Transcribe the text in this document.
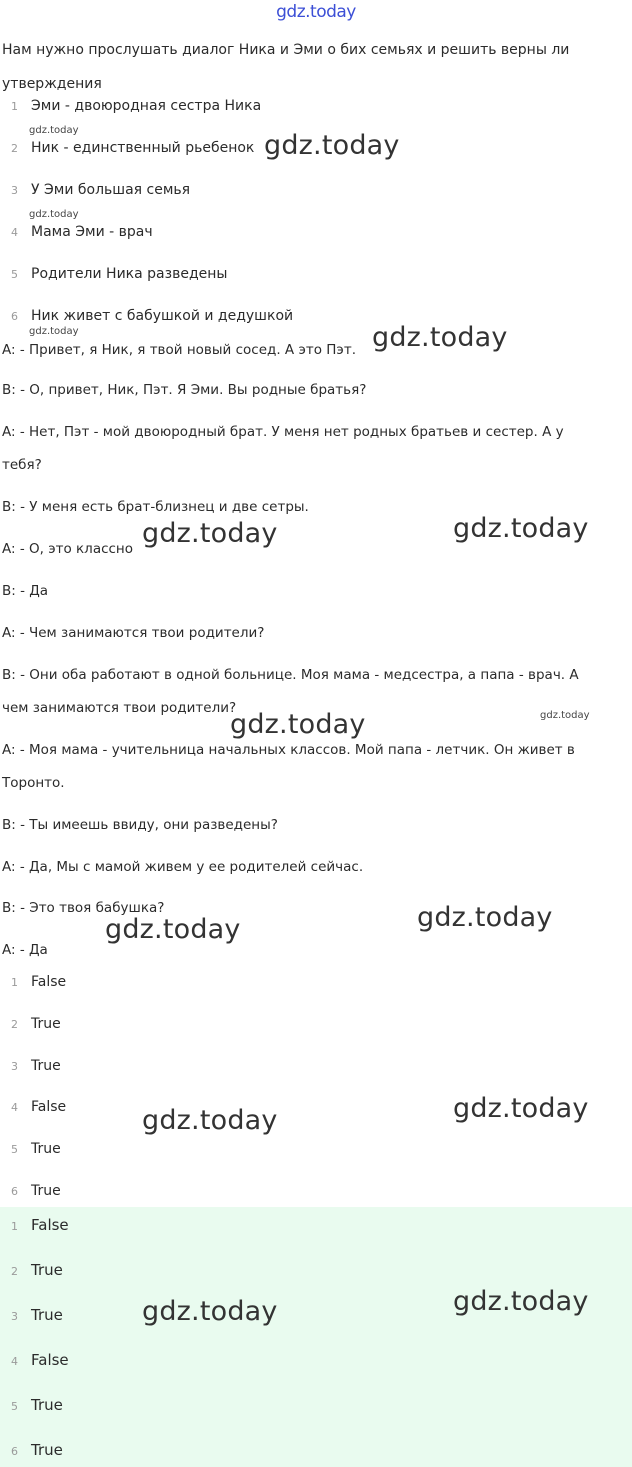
gdz.today
Нам нужно прослушать диалог Ника и Эми о бих семьях и решить верны ли утверждения
1 Эми - двоюродная сестра Ника
2 Ник - единственный рьебенок
3 У Эми большая семья
4 Мама Эми - врач
5 Родители Ника разведены
6 Ник живет с бабушкой и дедушкой
A: - Привет, я Ник, я твой новый сосед. А это Пэт.
B: - О, привет, Ник, Пэт. Я Эми. Вы родные братья?
A: - Нет, Пэт - мой двоюродный брат. У меня нет родных братьев и сестер. А у
тебя?
B: - У меня есть брат-близнец и две сетры.
A: - О, это классно
B: - Да
A: - Чем занимаются твои родители?
B: - Они оба работают в одной больнице. Моя мама - медсестра, а папа - врач. А
чем занимаются твои родители?
A: - Моя мама - учительница начальных классов. Мой папа - летчик. Он живет в
Торонто.
B: - Ты имеешь ввиду, они разведены?
A: - Да, Мы с мамой живем у ее родителей сейчас.
B: - Это твоя бабушка?
A: - Да
1 False
2 True
3 True
4 False
5 True
6 True
1 False
2 True
3 True
4 False
5 True
6 True
gdz.today
gdz.today
gdz.today
gdz.today
gdz.today
gdz.today
gdz.today	gdz.today
gdz.today
gdz.today	gdz.today
gdz.today	gdz.today
gdz.today	gdz.today
